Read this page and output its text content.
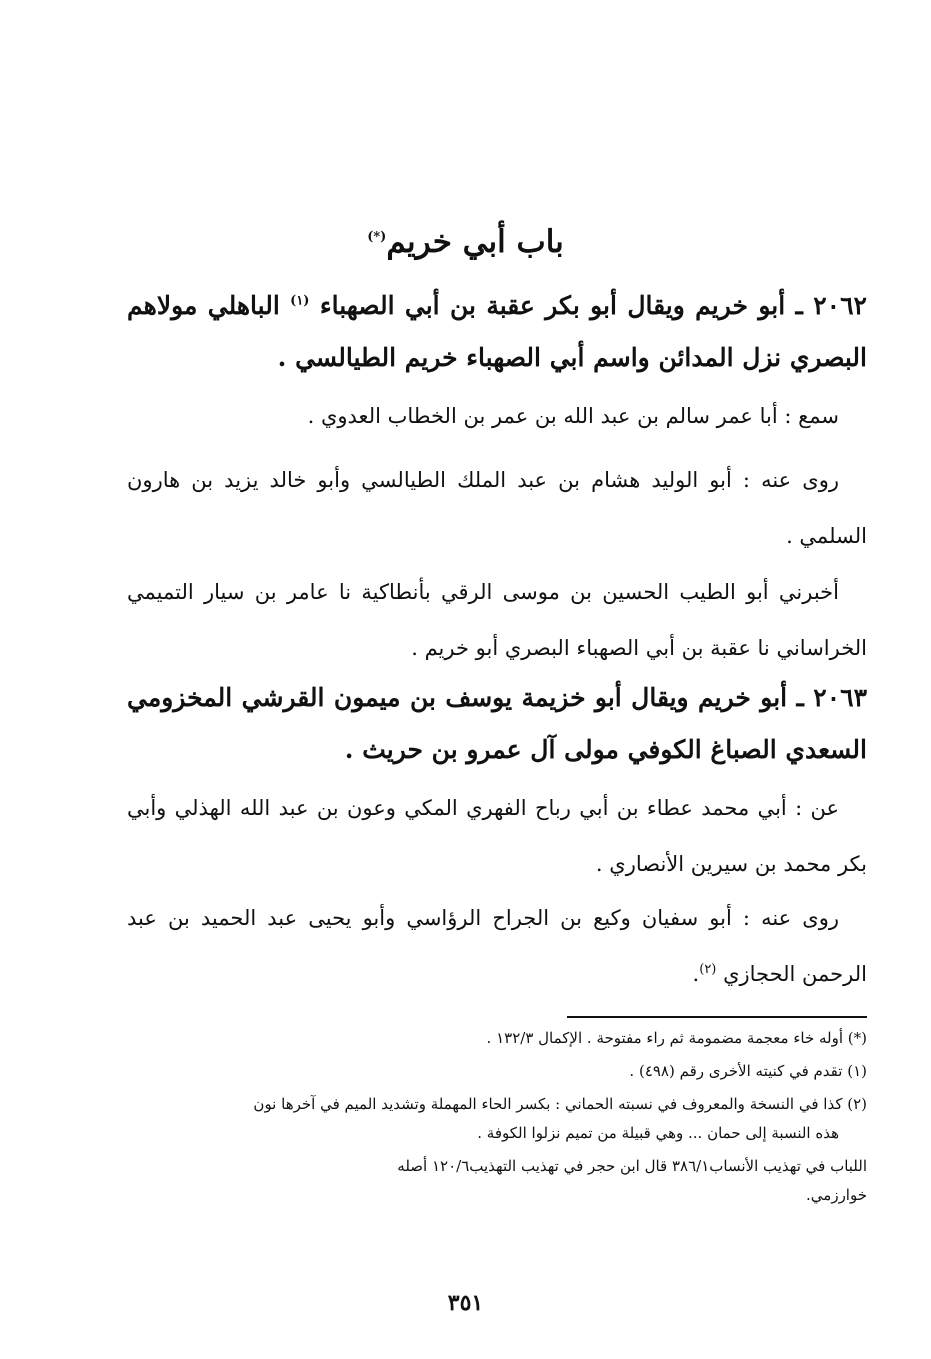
باب أبي خريم(*)
٢٠٦٢ ـ أبو خريم ويقال أبو بكر عقبة بن أبي الصهباء $^{(١)}$ الباهلي مولاهم البصري نزل المدائن واسم أبي الصهباء خريم الطيالسي .
سمع : أبا عمر سالم بن عبد الله بن عمر بن الخطاب العدوي .
روى عنه : أبو الوليد هشام بن عبد الملك الطيالسي وأبو خالد يزيد بن هارون السلمي .
أخبرني أبو الطيب الحسين بن موسى الرقي بأنطاكية نا عامر بن سيار التميمي الخراساني نا عقبة بن أبي الصهباء البصري أبو خريم .
٢٠٦٣ ـ أبو خريم ويقال أبو خزيمة يوسف بن ميمون القرشي المخزومي السعدي الصباغ الكوفي مولى آل عمرو بن حريث .
عن : أبي محمد عطاء بن أبي رباح الفهري المكي وعون بن عبد الله الهذلي وأبي بكر محمد بن سيرين الأنصاري .
روى عنه : أبو سفيان وكيع بن الجراح الرؤاسي وأبو يحيى عبد الحميد بن عبد الرحمن الحجازي $^{(٢)}$.
(*) أوله خاء معجمة مضمومة ثم راء مفتوحة . الإكمال ١٣٢/٣ .
(١) تقدم في كنيته الأخرى رقم (٤٩٨) .
(٢) كذا في النسخة والمعروف في نسبته الحماني : بكسر الحاء المهملة وتشديد الميم في آخرها نون
هذه النسبة إلى حمان ... وهي قبيلة من تميم نزلوا الكوفة .
اللباب في تهذيب الأنساب٣٨٦/١ قال ابن حجر في تهذيب التهذيب١٢٠/٦ أصله
خوارزمي.
٣٥١
